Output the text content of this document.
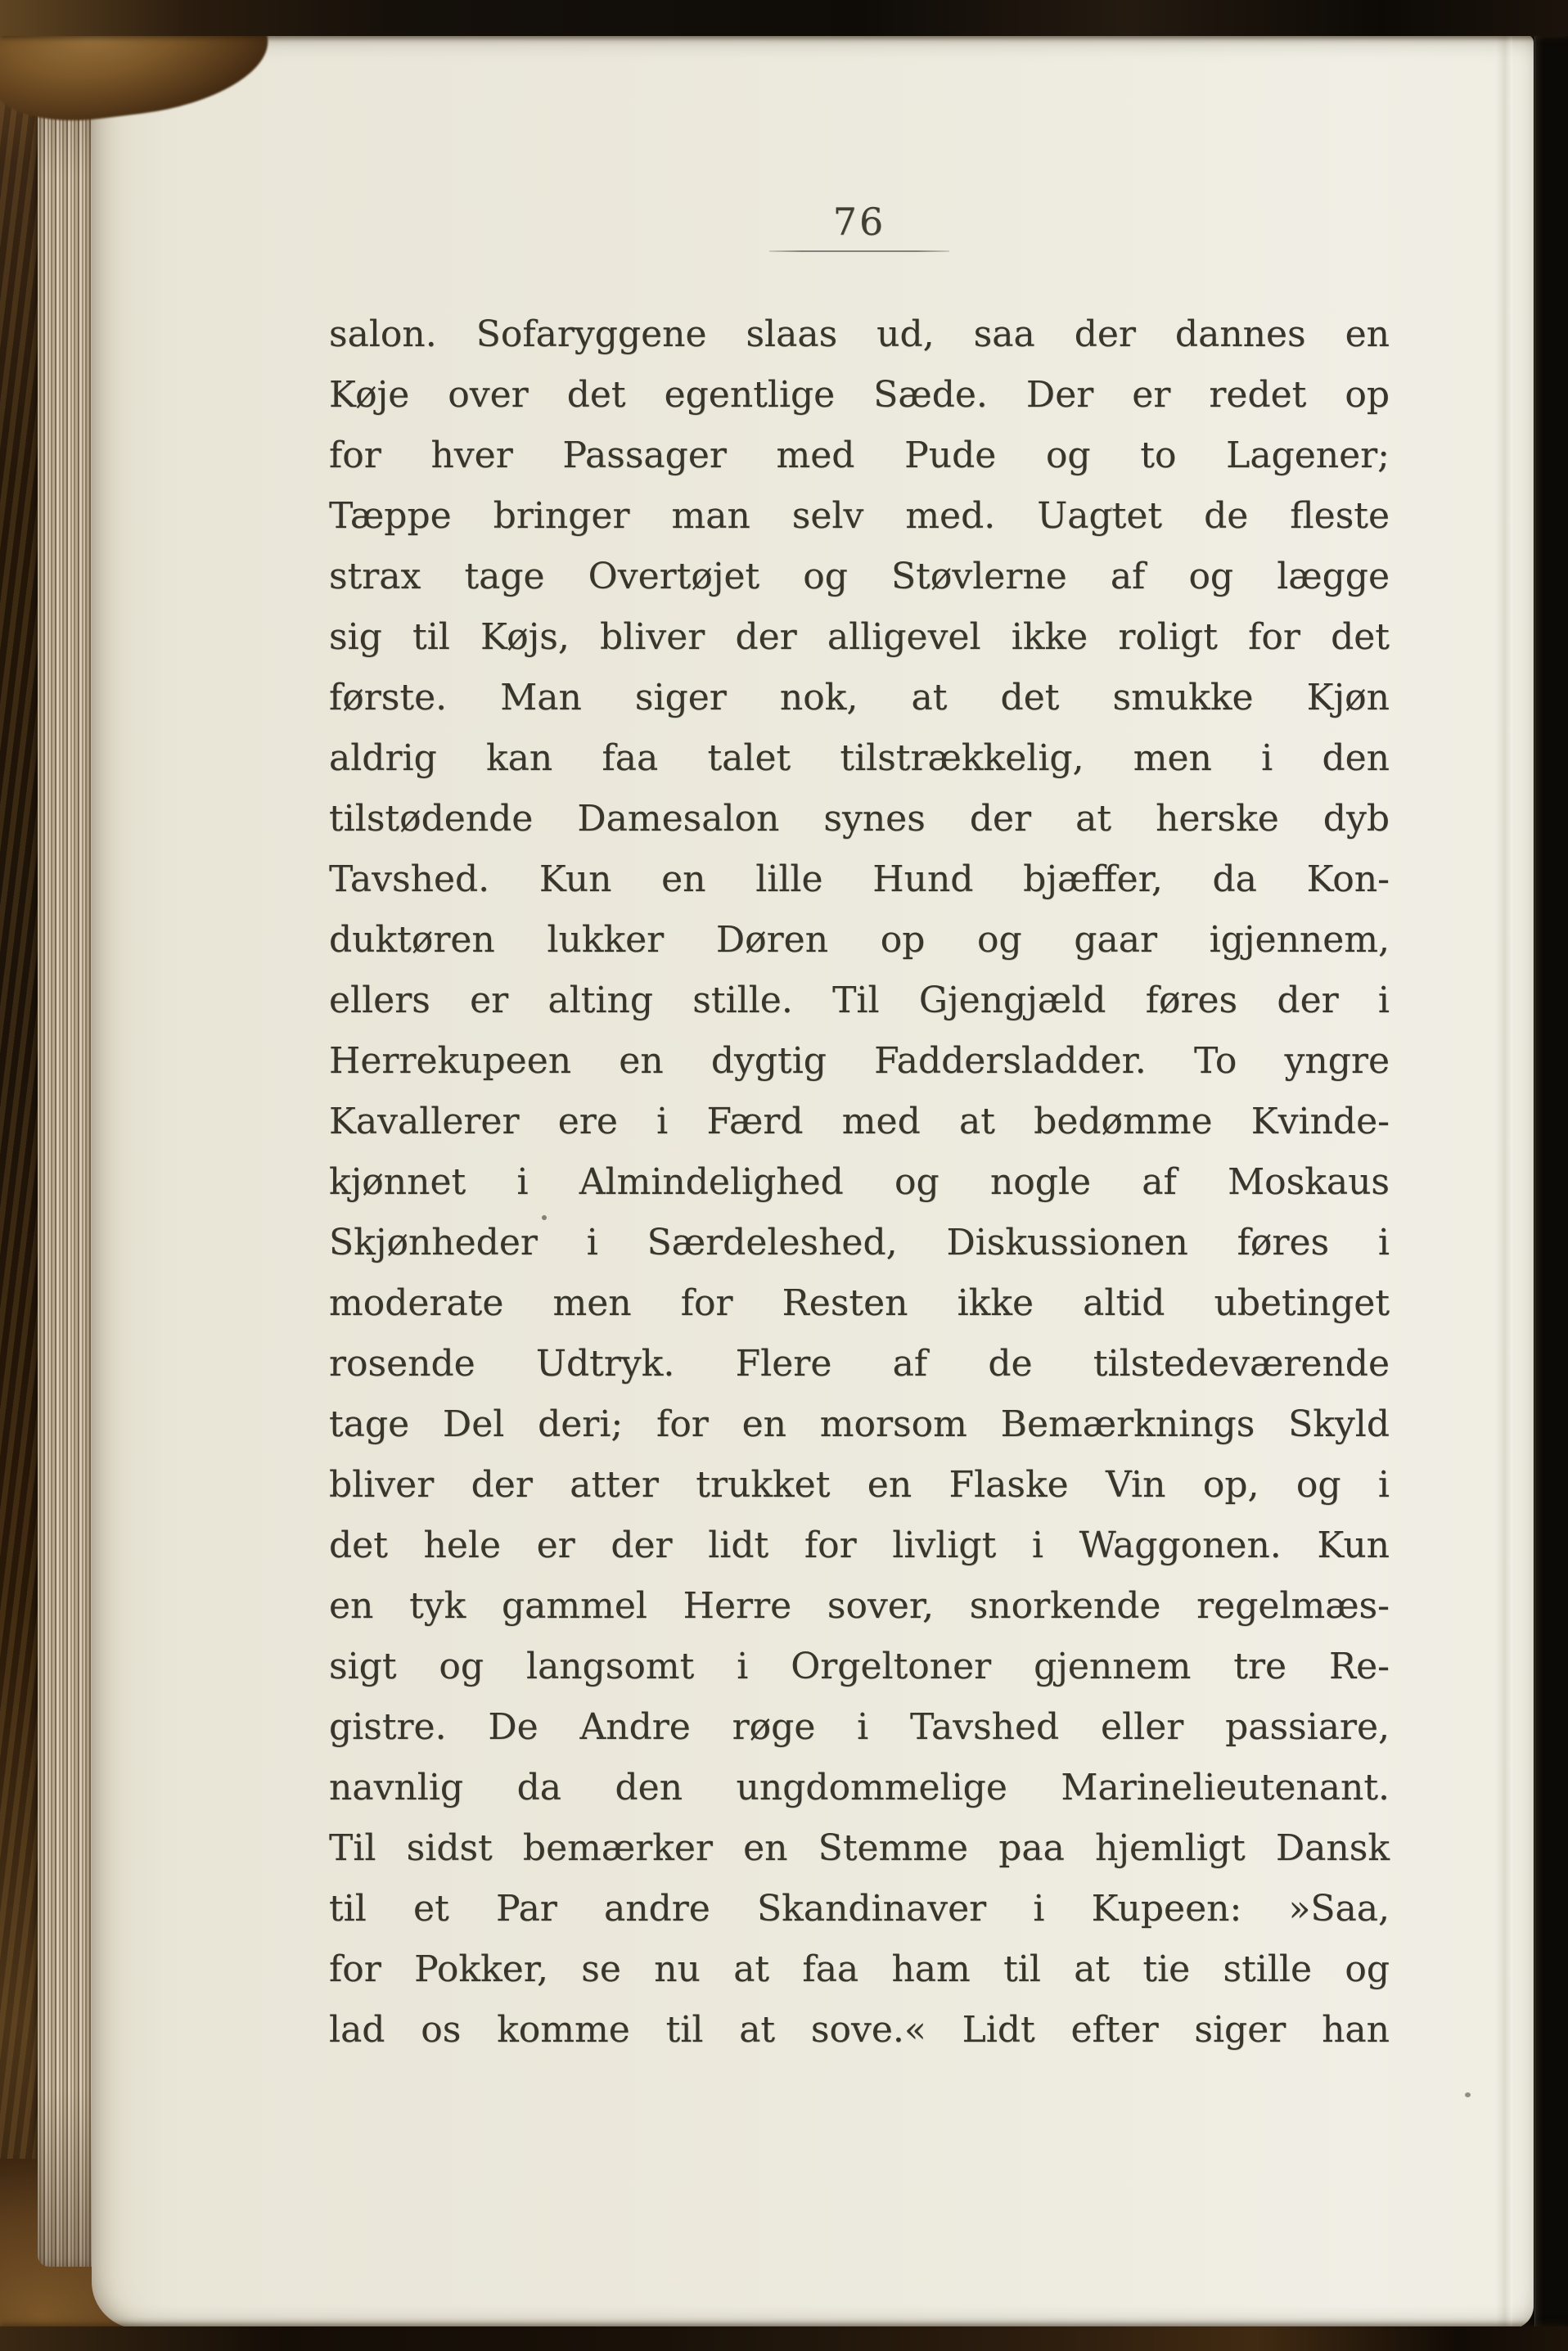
76
salon. Sofaryggene slaas ud, saa der dannes en
Køje over det egentlige Sæde. Der er redet op
for hver Passager med Pude og to Lagener;
Tæppe bringer man selv med. Uagtet de fleste
strax tage Overtøjet og Støvlerne af og lægge
sig til Køjs, bliver der alligevel ikke roligt for det
første. Man siger nok, at det smukke Kjøn
aldrig kan faa talet tilstrækkelig, men i den
tilstødende Damesalon synes der at herske dyb
Tavshed. Kun en lille Hund bjæffer, da Kon-
duktøren lukker Døren op og gaar igjennem,
ellers er alting stille. Til Gjengjæld føres der i
Herrekupeen en dygtig Faddersladder. To yngre
Kavallerer ere i Færd med at bedømme Kvinde-
kjønnet i Almindelighed og nogle af Moskaus
Skjønheder i Særdeleshed, Diskussionen føres i
moderate men for Resten ikke altid ubetinget
rosende Udtryk. Flere af de tilstedeværende
tage Del deri; for en morsom Bemærknings Skyld
bliver der atter trukket en Flaske Vin op, og i
det hele er der lidt for livligt i Waggonen. Kun
en tyk gammel Herre sover, snorkende regelmæs-
sigt og langsomt i Orgeltoner gjennem tre Re-
gistre. De Andre røge i Tavshed eller passiare,
navnlig da den ungdommelige Marinelieutenant.
Til sidst bemærker en Stemme paa hjemligt Dansk
til et Par andre Skandinaver i Kupeen: »Saa,
for Pokker, se nu at faa ham til at tie stille og
lad os komme til at sove.« Lidt efter siger han
